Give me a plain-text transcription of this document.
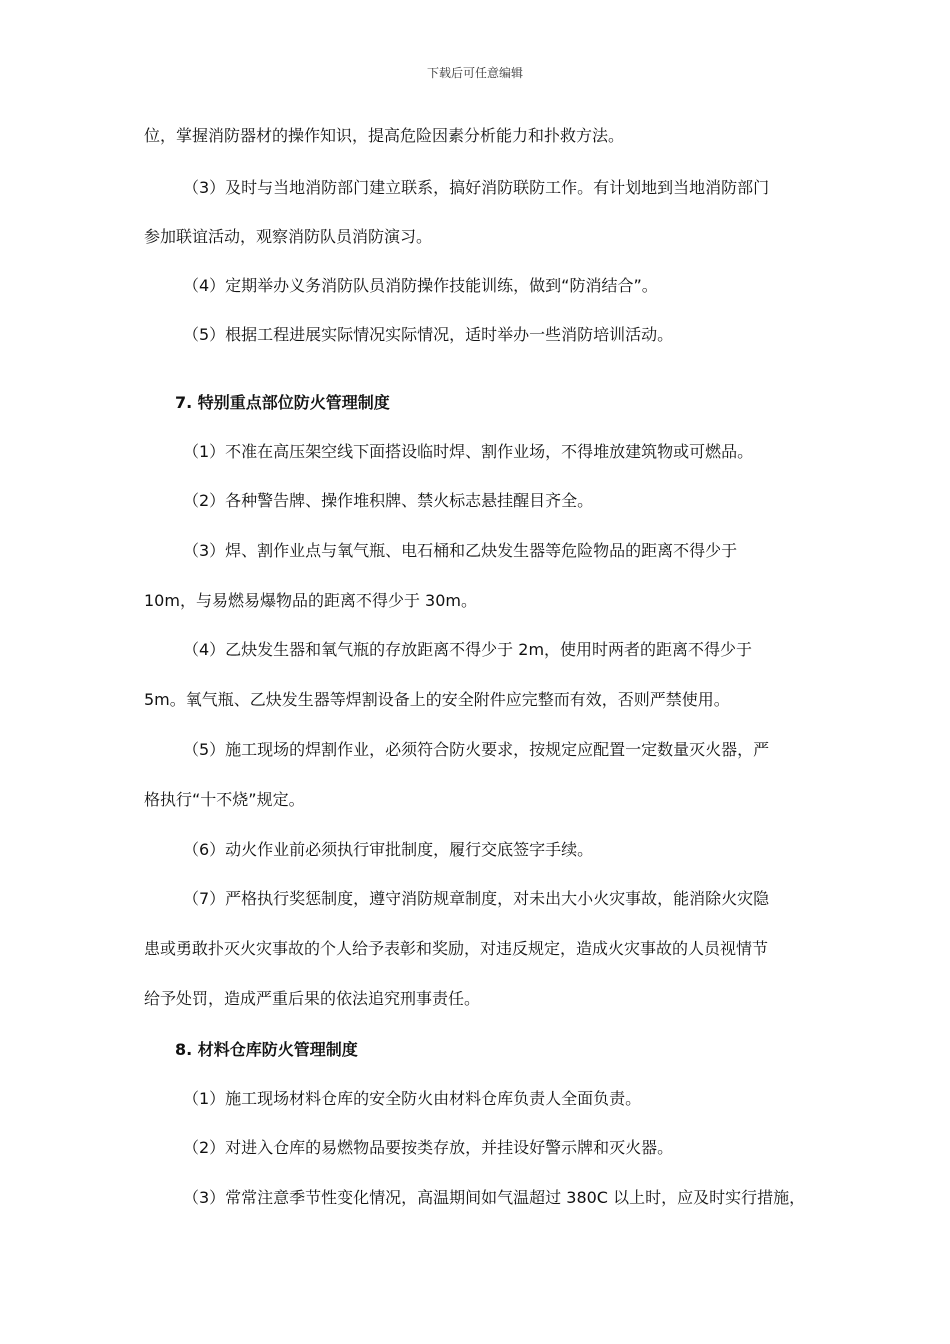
下载后可任意编辑
位，掌握消防器材的操作知识，提高危险因素分析能力和扑救方法。
（3）及时与当地消防部门建立联系，搞好消防联防工作。有计划地到当地消防部门
参加联谊活动，观察消防队员消防演习。
（4）定期举办义务消防队员消防操作技能训练，做到“防消结合”。
（5）根据工程进展实际情况实际情况，适时举办一些消防培训活动。
7. 特别重点部位防火管理制度
（1）不准在高压架空线下面搭设临时焊、割作业场，不得堆放建筑物或可燃品。
（2）各种警告牌、操作堆积牌、禁火标志悬挂醒目齐全。
（3）焊、割作业点与氧气瓶、电石桶和乙炔发生器等危险物品的距离不得少于
10m，与易燃易爆物品的距离不得少于 30m。
（4）乙炔发生器和氧气瓶的存放距离不得少于 2m，使用时两者的距离不得少于
5m。氧气瓶、乙炔发生器等焊割设备上的安全附件应完整而有效，否则严禁使用。
（5）施工现场的焊割作业，必须符合防火要求，按规定应配置一定数量灭火器，严
格执行“十不烧”规定。
（6）动火作业前必须执行审批制度，履行交底签字手续。
（7）严格执行奖惩制度，遵守消防规章制度，对未出大小火灾事故，能消除火灾隐
患或勇敢扑灭火灾事故的个人给予表彰和奖励，对违反规定，造成火灾事故的人员视情节
给予处罚，造成严重后果的依法追究刑事责任。
8. 材料仓库防火管理制度
（1）施工现场材料仓库的安全防火由材料仓库负责人全面负责。
（2）对进入仓库的易燃物品要按类存放，并挂设好警示牌和灭火器。
（3）常常注意季节性变化情况，高温期间如气温超过 380C 以上时，应及时实行措施，
